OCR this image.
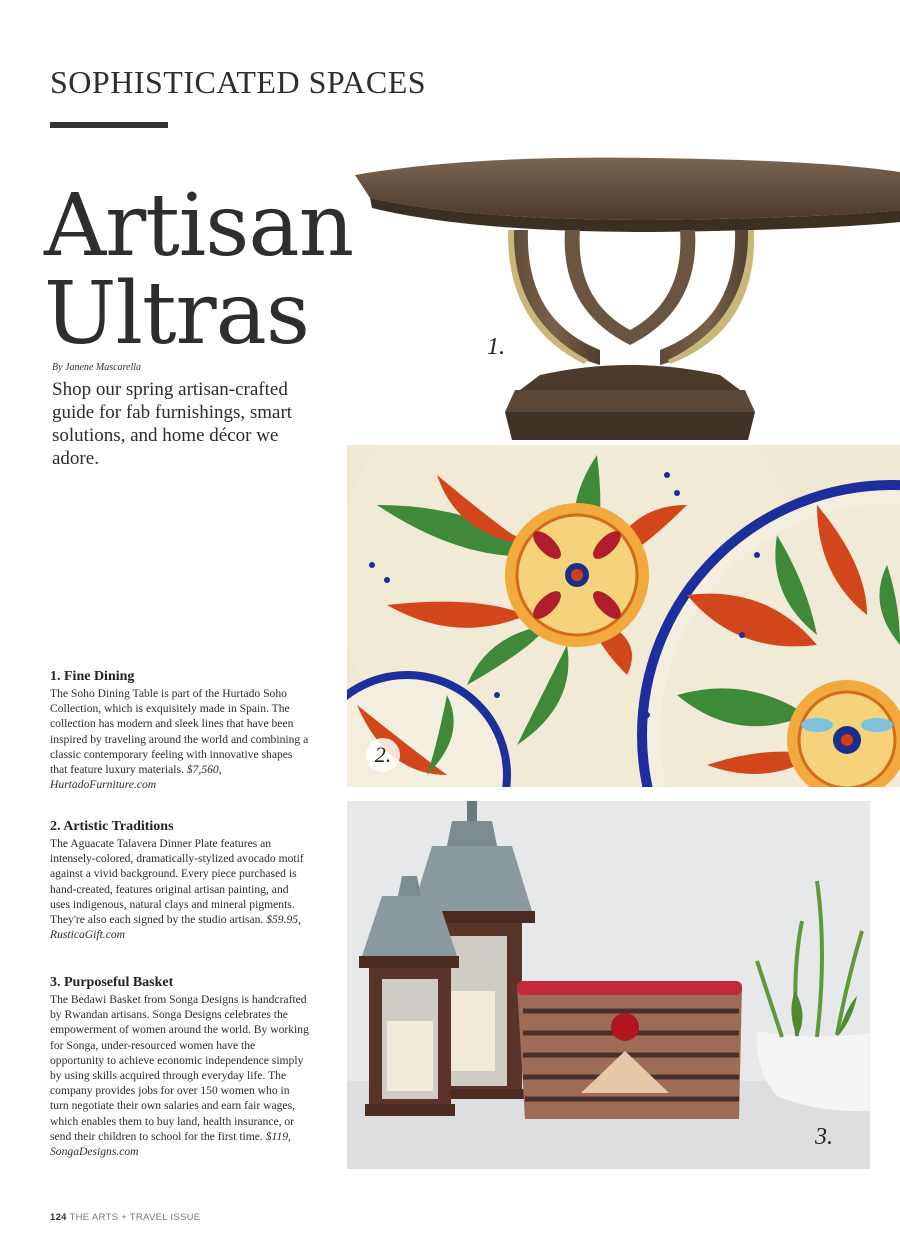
SOPHISTICATED SPACES
Artisan
Ultras
By Janene Mascarella
Shop our spring artisan-crafted guide for fab furnishings, smart solutions, and home décor we adore.
1.
2.
3.
1. Fine Dining

The Soho Dining Table is part of the Hurtado Soho Collection, which is exquisitely made in Spain. The collection has modern and sleek lines that have been inspired by traveling around the world and combining a classic contemporary feeling with innovative shapes that feature luxury materials. $7,560, HurtadoFurniture.com

2. Artistic Traditions

The Aguacate Talavera Dinner Plate features an intensely-colored, dramatically-stylized avocado motif against a vivid background. Every piece purchased is hand-created, features original artisan painting, and uses indigenous, natural clays and mineral pigments. They're also each signed by the studio artisan. $59.95, RusticaGift.com

3. Purposeful Basket

The Bedawi Basket from Songa Designs is handcrafted by Rwandan artisans. Songa Designs celebrates the empowerment of women around the world. By working for Songa, under-resourced women have the opportunity to achieve economic independence simply by using skills acquired through everyday life. The company provides jobs for over 150 women who in turn negotiate their own salaries and earn fair wages, which enables them to buy land, health insurance, or send their children to school for the first time. $119, SongaDesigns.com

124 THE ARTS + TRAVEL ISSUE
